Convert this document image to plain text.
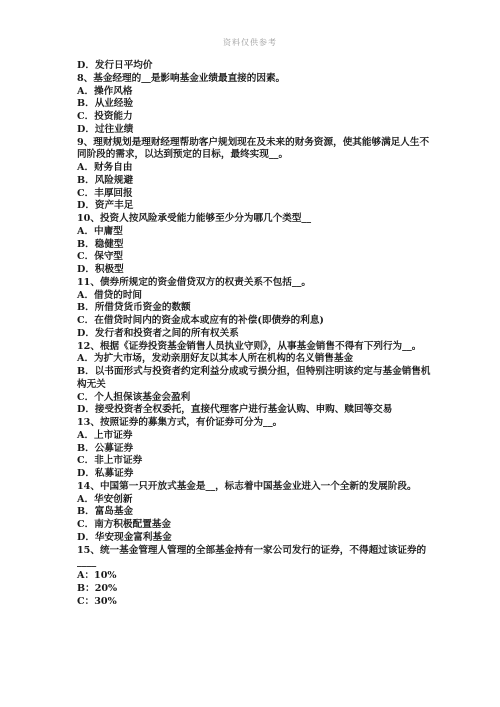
资料仅供参考
D．发行日平均价
8、基金经理的__是影响基金业绩最直接的因素。
A．操作风格
B．从业经验
C．投资能力
D．过往业绩
9、理财规划是理财经理帮助客户规划现在及未来的财务资源，使其能够满足人生不同阶段的需求，以达到预定的目标，最终实现__。
A．财务自由
B．风险规避
C．丰厚回报
D．资产丰足
10、投资人按风险承受能力能够至少分为哪几个类型__
A．中庸型
B．稳健型
C．保守型
D．积极型
11、债券所规定的资金借贷双方的权责关系不包括__。
A．借贷的时间
B．所借贷货币资金的数额
C．在借贷时间内的资金成本或应有的补偿(即债券的利息)
D．发行者和投资者之间的所有权关系
12、根据《证券投资基金销售人员执业守则》，从事基金销售不得有下列行为__。
A．为扩大市场，发动亲朋好友以其本人所在机构的名义销售基金
B．以书面形式与投资者约定利益分成或亏损分担，但特别注明该约定与基金销售机构无关
C．个人担保该基金会盈利
D．接受投资者全权委托，直接代理客户进行基金认购、申购、赎回等交易
13、按照证券的募集方式，有价证券可分为__。
A．上市证券
B．公募证券
C．非上市证券
D．私募证券
14、中国第一只开放式基金是__，标志着中国基金业进入一个全新的发展阶段。
A．华安创新
B．富岛基金
C．南方积极配置基金
D．华安现金富利基金
15、统一基金管理人管理的全部基金持有一家公司发行的证券，不得超过该证券的____
A：10%
B：20%
C：30%
